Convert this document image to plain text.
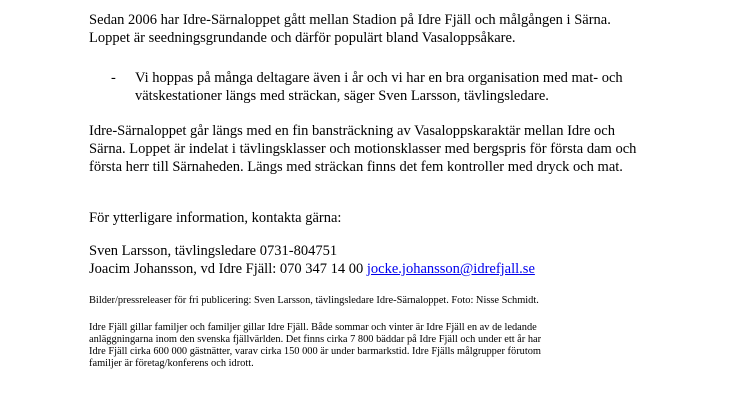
Sedan 2006 har Idre-Särnaloppet gått mellan Stadion på Idre Fjäll och målgången i Särna.

Loppet är seedningsgrundande och därför populärt bland Vasaloppsåkare.

- Vi hoppas på många deltagare även i år och vi har en bra organisation med mat- och

vätskestationer längs med sträckan, säger Sven Larsson, tävlingsledare.

Idre-Särnaloppet går längs med en fin bansträckning av Vasaloppskaraktär mellan Idre och

Särna. Loppet är indelat i tävlingsklasser och motionsklasser med bergspris för första dam och

första herr till Särnaheden. Längs med sträckan finns det fem kontroller med dryck och mat.

För ytterligare information, kontakta gärna:

Sven Larsson, tävlingsledare 0731-804751

Joacim Johansson, vd Idre Fjäll: 070 347 14 00 jocke.johansson@idrefjall.se

Bilder/pressreleaser för fri publicering: Sven Larsson, tävlingsledare Idre-Särnaloppet. Foto: Nisse Schmidt.

Idre Fjäll gillar familjer och familjer gillar Idre Fjäll. Både sommar och vinter är Idre Fjäll en av de ledande

anläggningarna inom den svenska fjällvärlden. Det finns cirka 7 800 bäddar på Idre Fjäll och under ett år har

Idre Fjäll cirka 600 000 gästnätter, varav cirka 150 000 är under barmarkstid. Idre Fjälls målgrupper förutom

familjer är företag/konferens och idrott.
